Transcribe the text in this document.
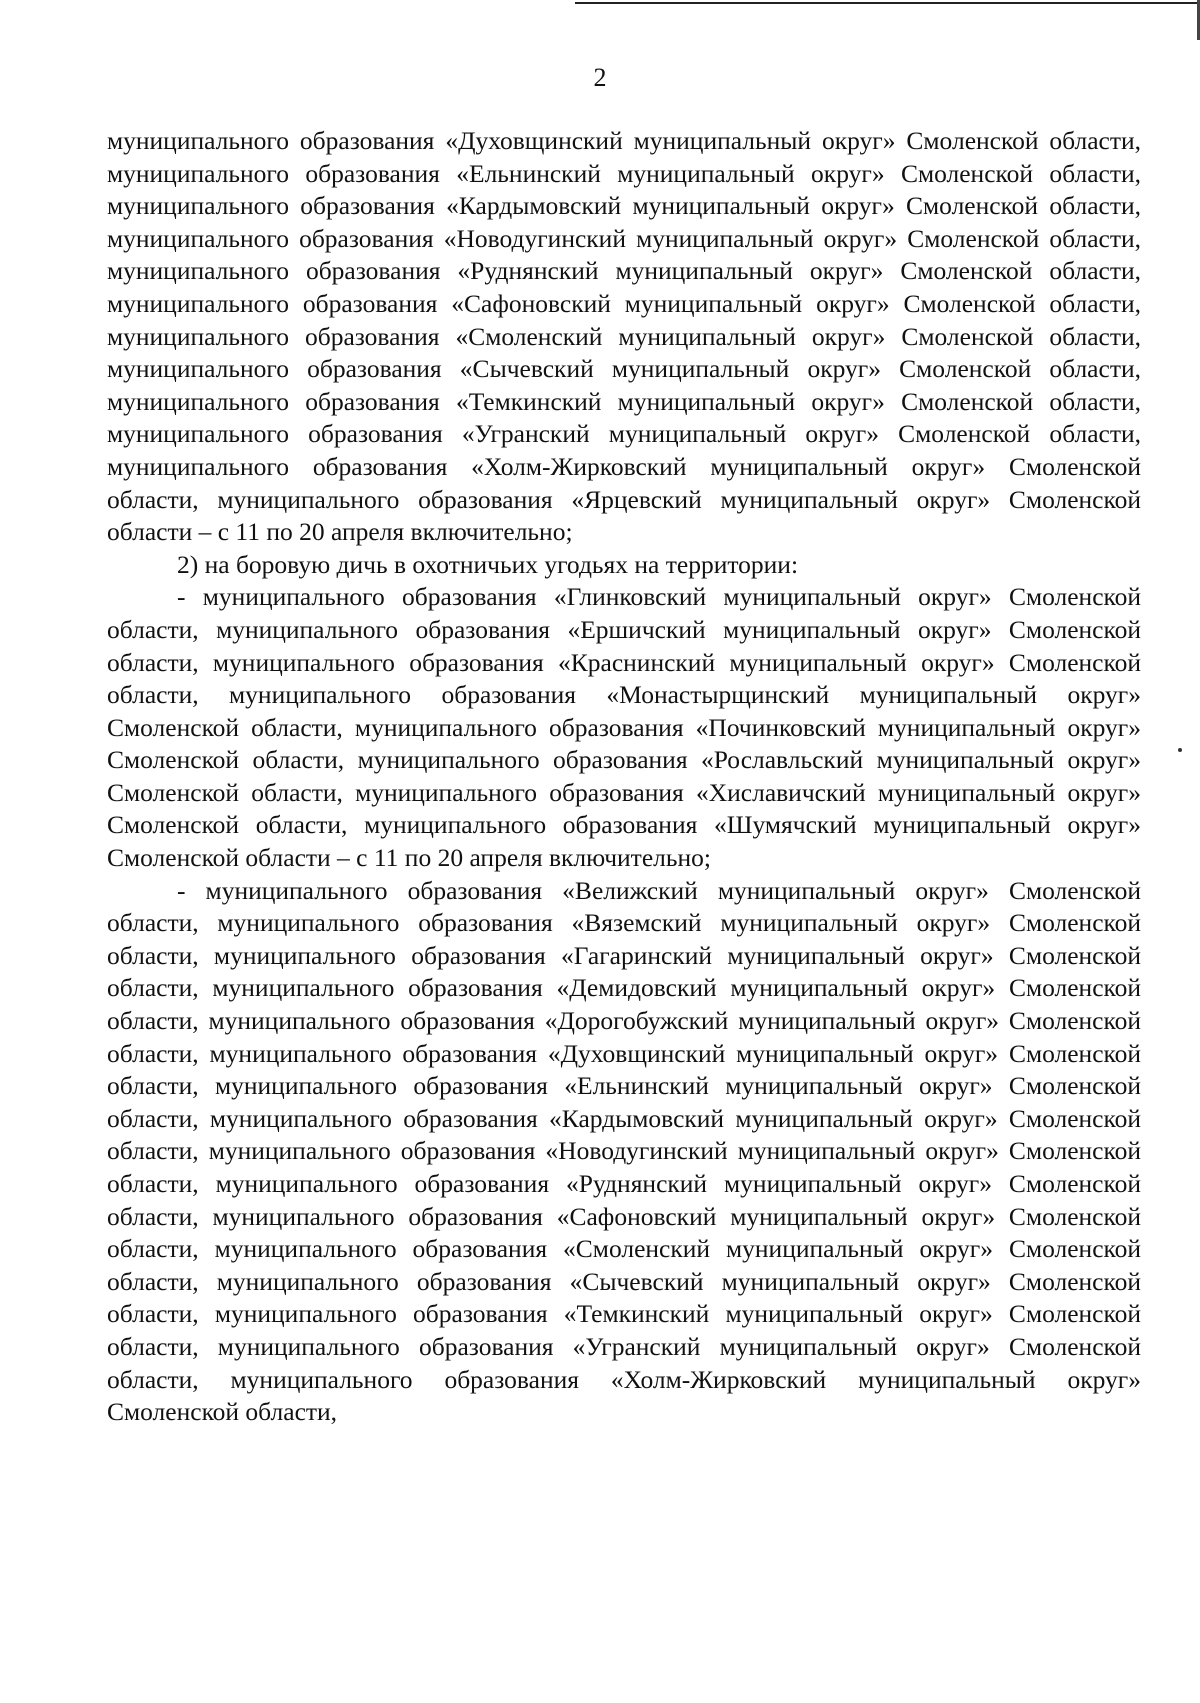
2

муниципального образования «Духовщинский муниципальный округ» Смоленской области, муниципального образования «Ельнинский муниципальный округ» Смоленской области, муниципального образования «Кардымовский муниципальный округ» Смоленской области, муниципального образования «Новодугинский муниципальный округ» Смоленской области, муниципального образования «Руднянский муниципальный округ» Смоленской области, муниципального образования «Сафоновский муниципальный округ» Смоленской области, муниципального образования «Смоленский муниципальный округ» Смоленской области, муниципального образования «Сычевский муниципальный округ» Смоленской области, муниципального образования «Темкинский муниципальный округ» Смоленской области, муниципального образования «Угранский муниципальный округ» Смоленской области, муниципального образования «Холм-Жирковский муниципальный округ» Смоленской области, муниципального образования «Ярцевский муниципальный округ» Смоленской области – с 11 по 20 апреля включительно;

2) на боровую дичь в охотничьих угодьях на территории:

- муниципального образования «Глинковский муниципальный округ» Смоленской области, муниципального образования «Ершичский муниципальный округ» Смоленской области, муниципального образования «Краснинский муниципальный округ» Смоленской области, муниципального образования «Монастырщинский муниципальный округ» Смоленской области, муниципального образования «Починковский муниципальный округ» Смоленской области, муниципального образования «Рославльский муниципальный округ» Смоленской области, муниципального образования «Хиславичский муниципальный округ» Смоленской области, муниципального образования «Шумячский муниципальный округ» Смоленской области – с 11 по 20 апреля включительно;

- муниципального образования «Велижский муниципальный округ» Смоленской области, муниципального образования «Вяземский муниципальный округ» Смоленской области, муниципального образования «Гагаринский муниципальный округ» Смоленской области, муниципального образования «Демидовский муниципальный округ» Смоленской области, муниципального образования «Дорогобужский муниципальный округ» Смоленской области, муниципального образования «Духовщинский муниципальный округ» Смоленской области, муниципального образования «Ельнинский муниципальный округ» Смоленской области, муниципального образования «Кардымовский муниципальный округ» Смоленской области, муниципального образования «Новодугинский муниципальный округ» Смоленской области, муниципального образования «Руднянский муниципальный округ» Смоленской области, муниципального образования «Сафоновский муниципальный округ» Смоленской области, муниципального образования «Смоленский муниципальный округ» Смоленской области, муниципального образования «Сычевский муниципальный округ» Смоленской области, муниципального образования «Темкинский муниципальный округ» Смоленской области, муниципального образования «Угранский муниципальный округ» Смоленской области, муниципального образования «Холм-Жирковский муниципальный округ» Смоленской области,
